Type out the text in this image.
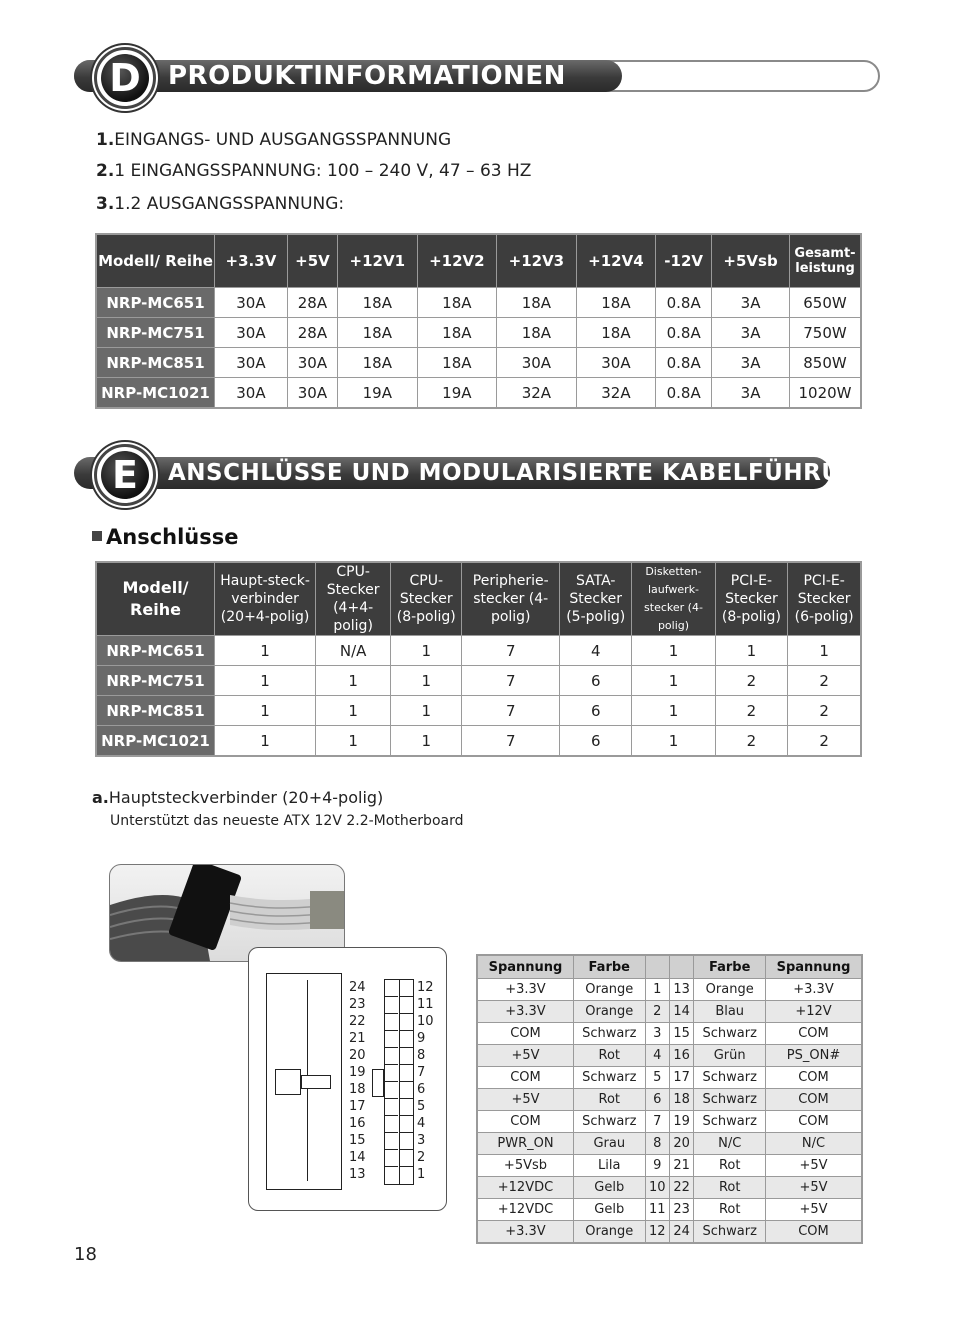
PRODUKTINFORMATIONEN
D
1.EINGANGS- UND AUSGANGSSPANNUNG
2.1 EINGANGSSPANNUNG: 100 – 240 V, 47 – 63 HZ
3.1.2 AUSGANGSSPANNUNG:
Modell/ Reihe	+3.3V	+5V	+12V1	+12V2	+12V3	+12V4	-12V	+5Vsb	Gesamt- leistung
NRP-MC651	30A	28A	18A	18A	18A	18A	0.8A	3A	650W
NRP-MC751	30A	28A	18A	18A	18A	18A	0.8A	3A	750W
NRP-MC851	30A	30A	18A	18A	30A	30A	0.8A	3A	850W
NRP-MC1021	30A	30A	19A	19A	32A	32A	0.8A	3A	1020W
ANSCHLÜSSE UND MODULARISIERTE KABELFÜHRUNG
E
Anschlüsse
Modell/ Reihe	Haupt-steck- verbinder (20+4-polig)	CPU- Stecker (4+4-polig)	CPU- Stecker (8-polig)	Peripherie- stecker (4-polig)	SATA- Stecker (5-polig)	Disketten- laufwerk- stecker (4-polig)	PCI-E- Stecker (8-polig)	PCI-E- Stecker (6-polig)
NRP-MC651	1	N/A	1	7	4	1	1	1
NRP-MC751	1	1	1	7	6	1	2	2
NRP-MC851	1	1	1	7	6	1	2	2
NRP-MC1021	1	1	1	7	6	1	2	2
a.Hauptsteckverbinder (20+4-polig)
Unterstützt das neueste ATX 12V 2.2-Motherboard
24
23
22
21
20
19
18
17
16
15
14
13
12
11
10
9
8
7
6
5
4
3
2
1
Spannung	Farbe			Farbe	Spannung
+3.3V	Orange	1	13	Orange	+3.3V
+3.3V	Orange	2	14	Blau	+12V
COM	Schwarz	3	15	Schwarz	COM
+5V	Rot	4	16	Grün	PS_ON#
COM	Schwarz	5	17	Schwarz	COM
+5V	Rot	6	18	Schwarz	COM
COM	Schwarz	7	19	Schwarz	COM
PWR_ON	Grau	8	20	N/C	N/C
+5Vsb	Lila	9	21	Rot	+5V
+12VDC	Gelb	10	22	Rot	+5V
+12VDC	Gelb	11	23	Rot	+5V
+3.3V	Orange	12	24	Schwarz	COM
18
